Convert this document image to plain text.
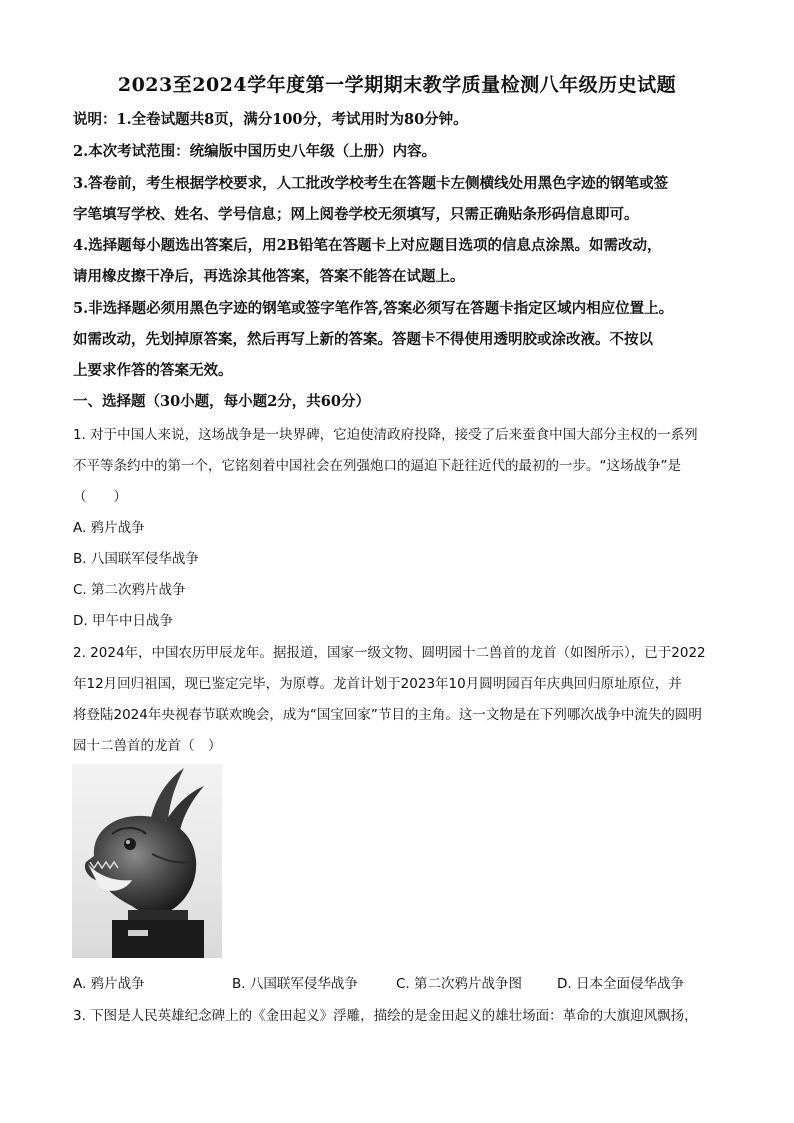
2023至2024学年度第一学期期末教学质量检测八年级历史试题
说明：1.全卷试题共8页，满分100分，考试用时为80分钟。
2.本次考试范围：统编版中国历史八年级（上册）内容。
3.答卷前，考生根据学校要求，人工批改学校考生在答题卡左侧横线处用黑色字迹的钢笔或签
字笔填写学校、姓名、学号信息；网上阅卷学校无须填写，只需正确贴条形码信息即可。
4.选择题每小题选出答案后，用2B铅笔在答题卡上对应题目选项的信息点涂黑。如需改动，
请用橡皮擦干净后，再选涂其他答案，答案不能答在试题上。
5.非选择题必须用黑色字迹的钢笔或签字笔作答,答案必须写在答题卡指定区域内相应位置上。
如需改动，先划掉原答案，然后再写上新的答案。答题卡不得使用透明胶或涂改液。不按以
上要求作答的答案无效。
一、选择题（30小题，每小题2分，共60分）
1. 对于中国人来说，这场战争是一块界碑，它迫使清政府投降，接受了后来蚕食中国大部分主权的一系列
不平等条约中的第一个，它铭刻着中国社会在列强炮口的逼迫下赶往近代的最初的一步。“这场战争”是
（　　）
A. 鸦片战争
B. 八国联军侵华战争
C. 第二次鸦片战争
D. 甲午中日战争
2. 2024年，中国农历甲辰龙年。据报道，国家一级文物、圆明园十二兽首的龙首（如图所示），已于2022
年12月回归祖国，现已鉴定完毕，为原尊。龙首计划于2023年10月圆明园百年庆典回归原址原位，并
将登陆2024年央视春节联欢晚会，成为“国宝回家”节目的主角。这一文物是在下列哪次战争中流失的圆明
园十二兽首的龙首（　）
A. 鸦片战争	B. 八国联军侵华战争	C. 第二次鸦片战争图	D. 日本全面侵华战争
3. 下图是人民英雄纪念碑上的《金田起义》浮雕，描绘的是金田起义的雄壮场面：革命的大旗迎风飘扬，
